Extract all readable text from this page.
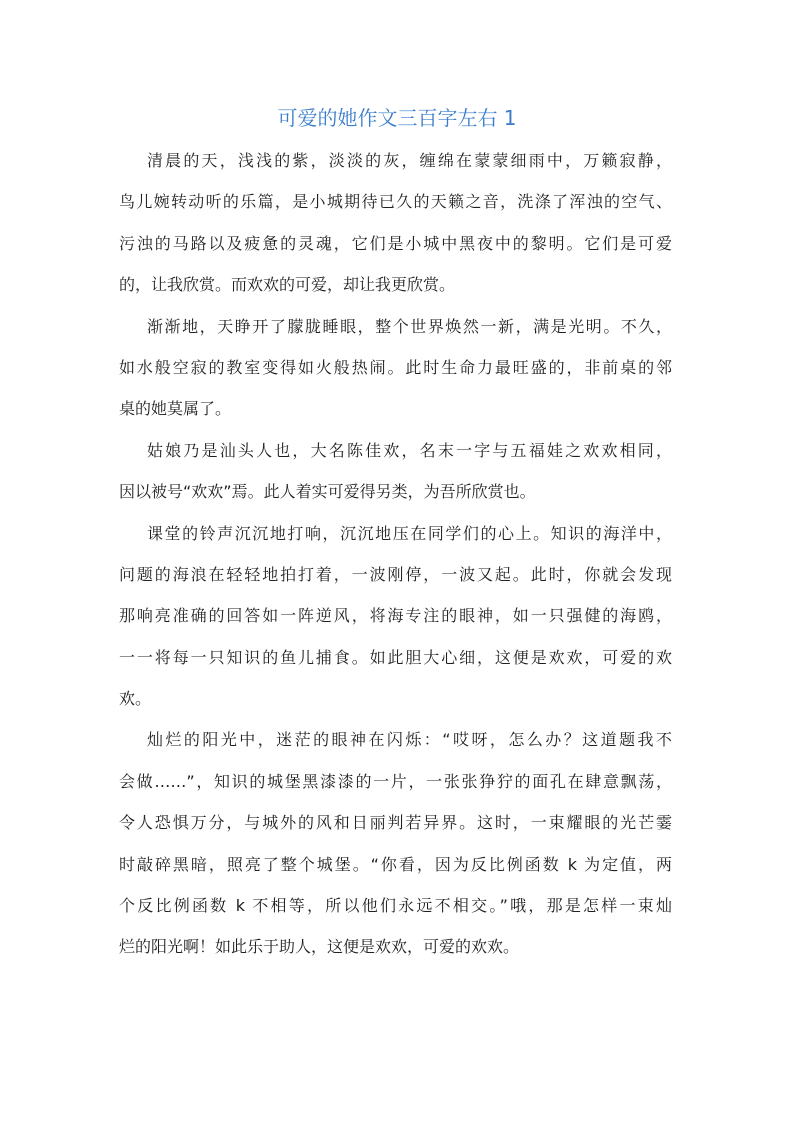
可爱的她作文三百字左右 1
清晨的天，浅浅的紫，淡淡的灰，缠绵在蒙蒙细雨中，万籁寂静，
鸟儿婉转动听的乐篇，是小城期待已久的天籁之音，洗涤了浑浊的空气、
污浊的马路以及疲惫的灵魂，它们是小城中黑夜中的黎明。它们是可爱
的，让我欣赏。而欢欢的可爱，却让我更欣赏。
渐渐地，天睁开了朦胧睡眼，整个世界焕然一新，满是光明。不久，
如水般空寂的教室变得如火般热闹。此时生命力最旺盛的，非前桌的邻
桌的她莫属了。
姑娘乃是汕头人也，大名陈佳欢，名末一字与五福娃之欢欢相同，
因以被号“欢欢”焉。此人着实可爱得另类，为吾所欣赏也。
课堂的铃声沉沉地打响，沉沉地压在同学们的心上。知识的海洋中，
问题的海浪在轻轻地拍打着，一波刚停，一波又起。此时，你就会发现
那响亮准确的回答如一阵逆风，将海专注的眼神，如一只强健的海鸥，
一一将每一只知识的鱼儿捕食。如此胆大心细，这便是欢欢，可爱的欢
欢。
灿烂的阳光中，迷茫的眼神在闪烁：“哎呀，怎么办？这道题我不
会做……”，知识的城堡黑漆漆的一片，一张张狰狞的面孔在肆意飘荡，
令人恐惧万分，与城外的风和日丽判若异界。这时，一束耀眼的光芒霎
时敲碎黑暗，照亮了整个城堡。“你看，因为反比例函数 k 为定值，两
个反比例函数 k 不相等，所以他们永远不相交。”哦，那是怎样一束灿
烂的阳光啊！如此乐于助人，这便是欢欢，可爱的欢欢。
